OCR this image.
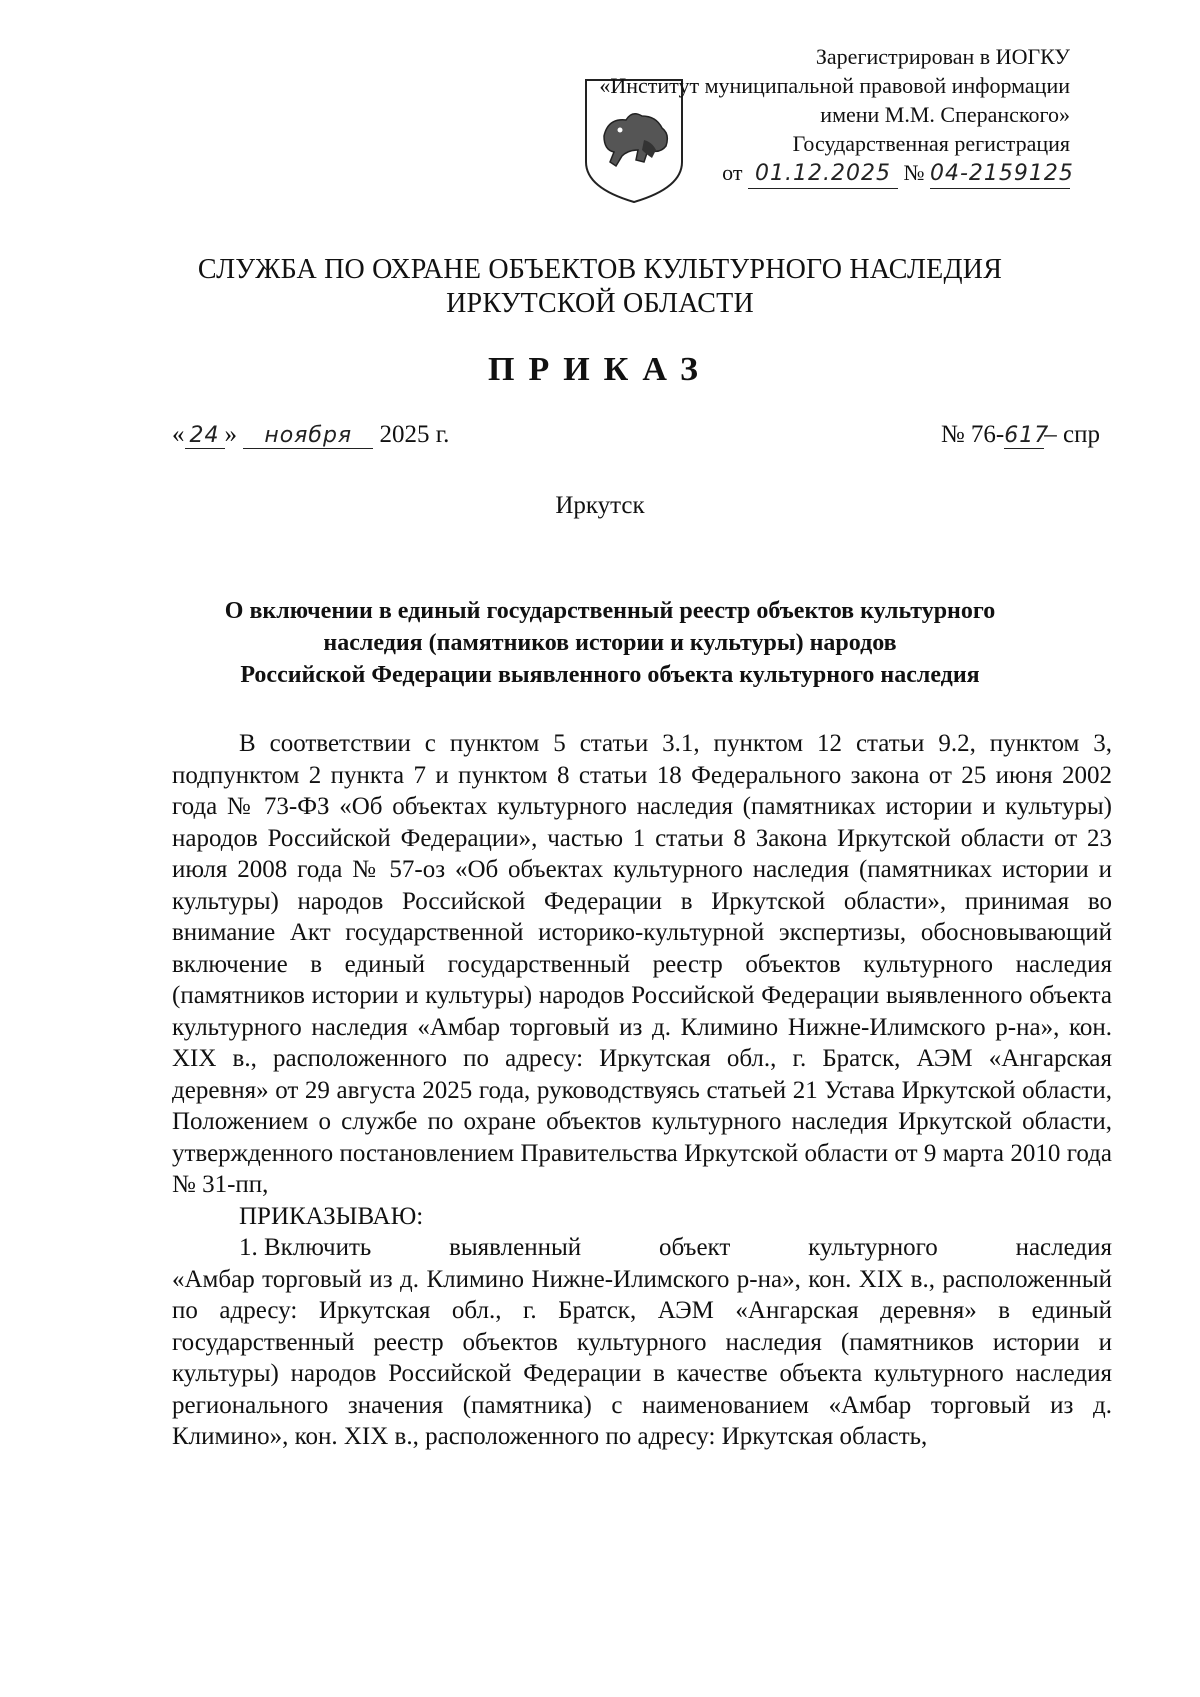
Зарегистрирован в ИОГКУ
«Институт муниципальной правовой информации
имени М.М. Сперанского»
Государственная регистрация
от 01.12.2025 № 04-2159125
СЛУЖБА ПО ОХРАНЕ ОБЪЕКТОВ КУЛЬТУРНОГО НАСЛЕДИЯ
ИРКУТСКОЙ ОБЛАСТИ
ПРИКАЗ
« 24 » ноября 2025 г.	№ 76-617– спр
Иркутск
О включении в единый государственный реестр объектов культурного
наследия (памятников истории и культуры) народов
Российской Федерации выявленного объекта культурного наследия

В соответствии с пунктом 5 статьи 3.1, пунктом 12 статьи 9.2, пунктом 3, подпунктом 2 пункта 7 и пунктом 8 статьи 18 Федерального закона от 25 июня 2002 года № 73-ФЗ «Об объектах культурного наследия (памятниках истории и культуры) народов Российской Федерации», частью 1 статьи 8 Закона Иркутской области от 23 июля 2008 года № 57-оз «Об объектах культурного наследия (памятниках истории и культуры) народов Российской Федерации в Иркутской области», принимая во внимание Акт государственной историко-культурной экспертизы, обосновывающий включение в единый государственный реестр объектов культурного наследия (памятников истории и культуры) народов Российской Федерации выявленного объекта культурного наследия «Амбар торговый из д. Климино Нижне-Илимского р-на», кон. XIX в., расположенного по адресу: Иркутская обл., г. Братск, АЭМ «Ангарская деревня» от 29 августа 2025 года, руководствуясь статьей 21 Устава Иркутской области, Положением о службе по охране объектов культурного наследия Иркутской области, утвержденного постановлением Правительства Иркутской области от 9 марта 2010 года № 31-пп,

ПРИКАЗЫВАЮ:

1. Включить	выявленный	объект	культурного	наследия

«Амбар торговый из д. Климино Нижне-Илимского р-на», кон. XIX в., расположенный по адресу: Иркутская обл., г. Братск, АЭМ «Ангарская деревня» в единый государственный реестр объектов культурного наследия (памятников истории и культуры) народов Российской Федерации в качестве объекта культурного наследия регионального значения (памятника) с наименованием «Амбар торговый из д. Климино», кон. XIX в., расположенного по адресу: Иркутская область,
